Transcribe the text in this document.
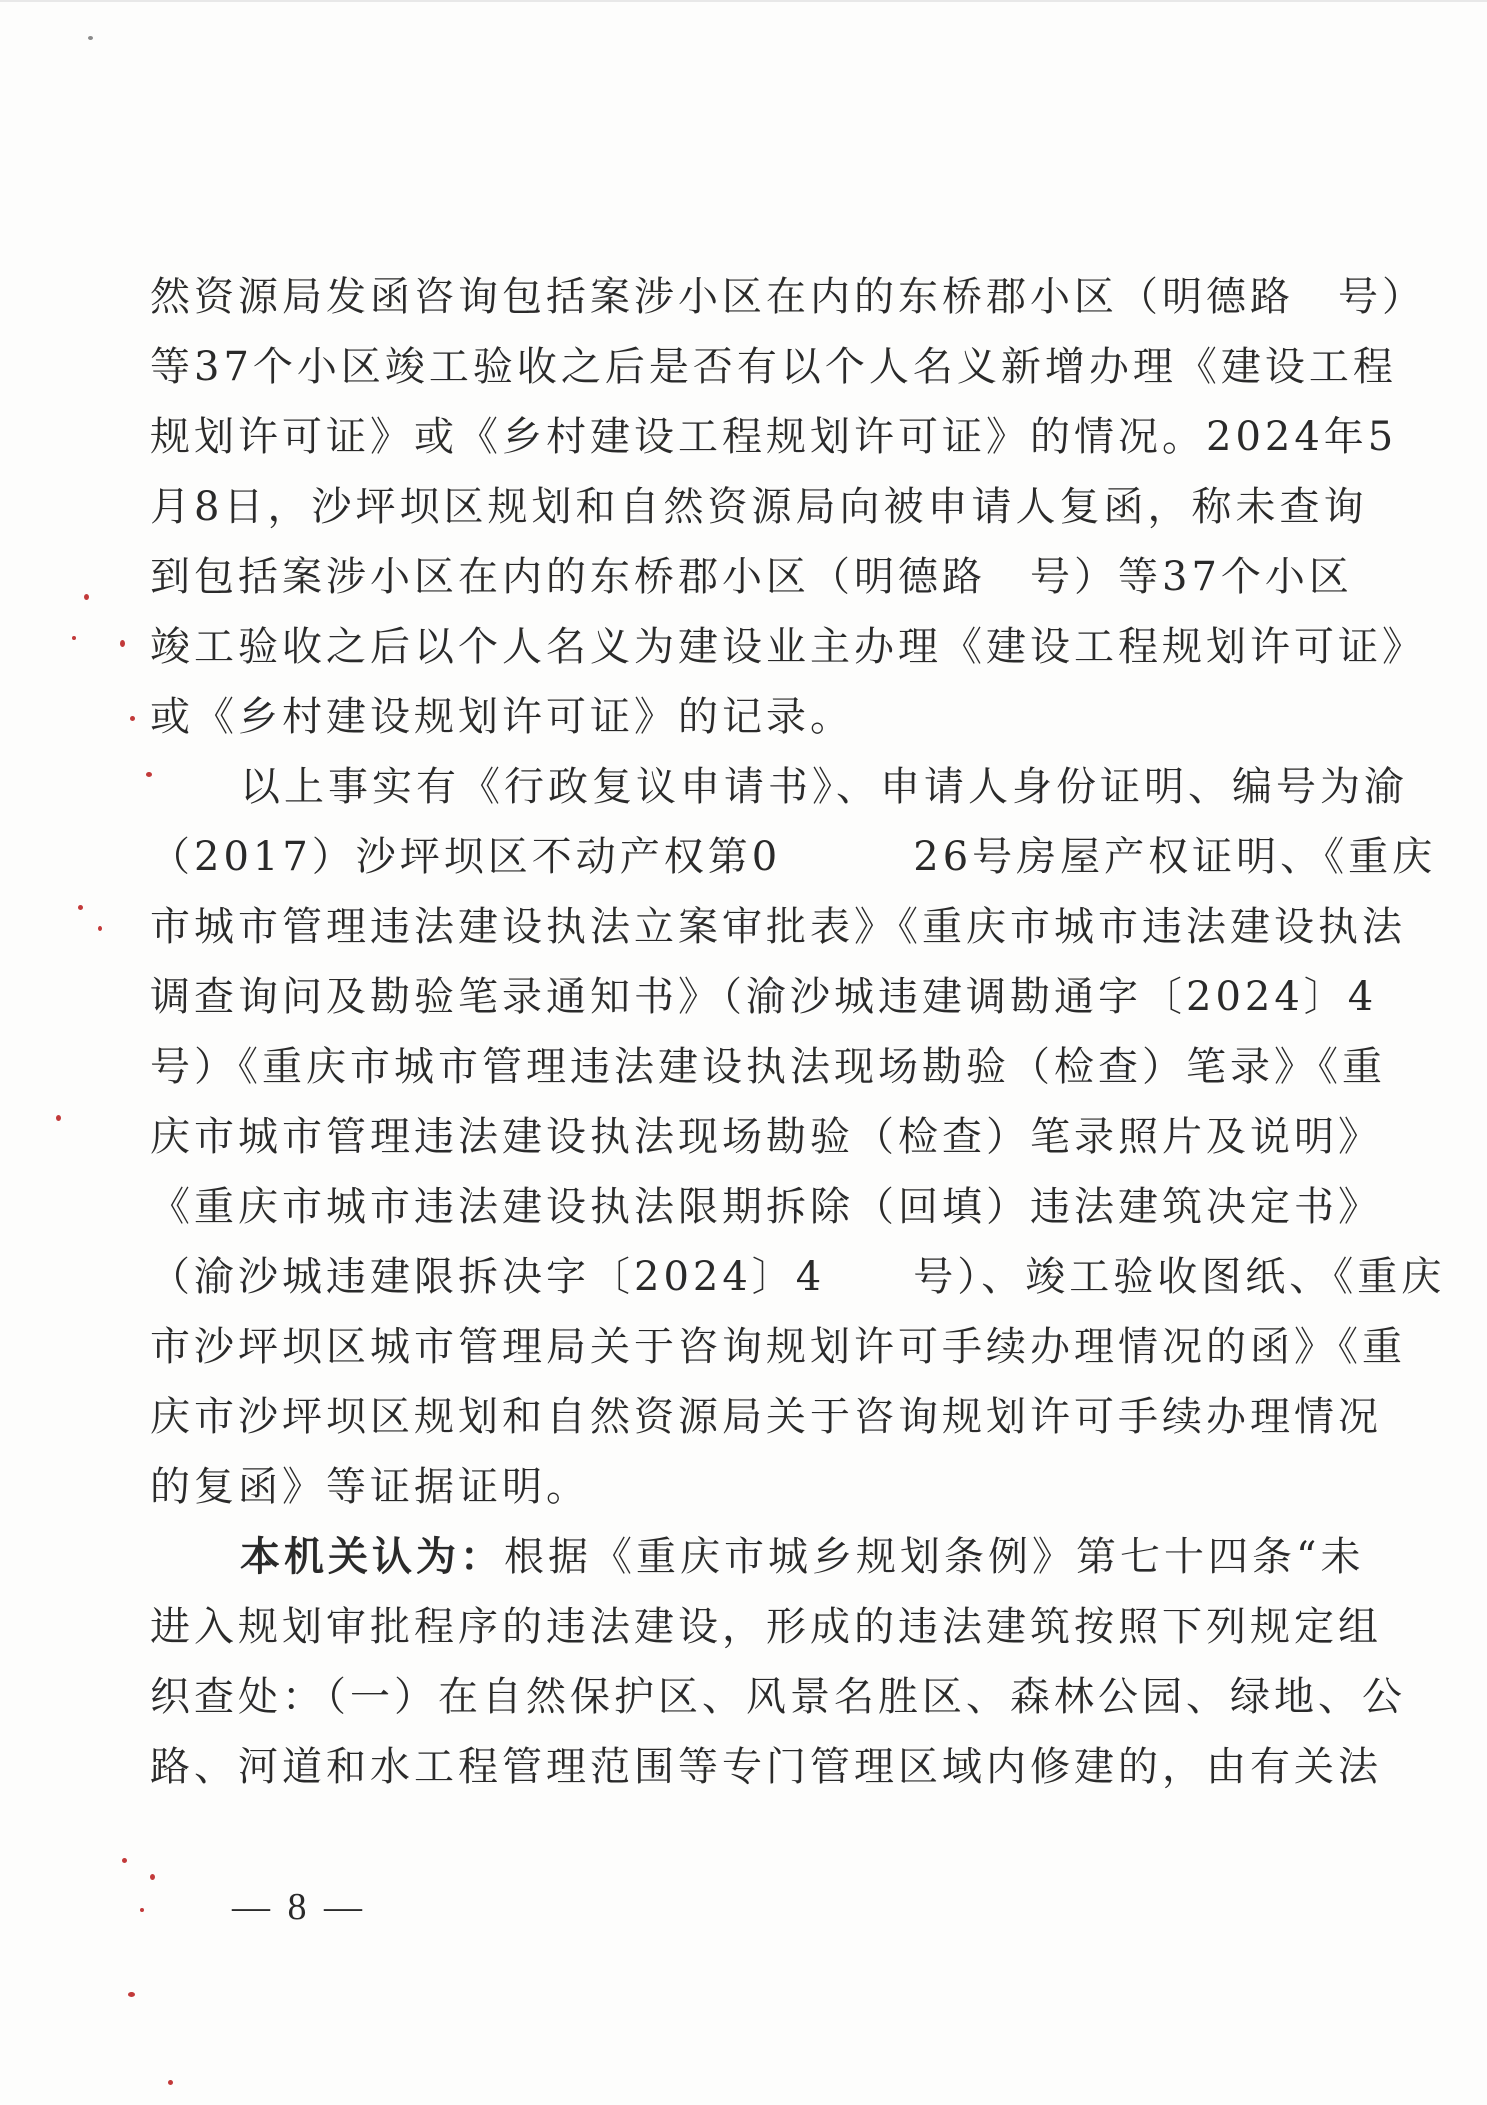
然资源局发函咨询包括案涉小区在内的东桥郡小区（明德路　号）
等37个小区竣工验收之后是否有以个人名义新增办理《建设工程
规划许可证》或《乡村建设工程规划许可证》的情况。2024年5
月8日，沙坪坝区规划和自然资源局向被申请人复函，称未查询
到包括案涉小区在内的东桥郡小区（明德路　号）等37个小区
竣工验收之后以个人名义为建设业主办理《建设工程规划许可证》
或《乡村建设规划许可证》的记录。
以上事实有《行政复议申请书》、申请人身份证明、编号为渝
（2017）沙坪坝区不动产权第0　　　26号房屋产权证明、《重庆
市城市管理违法建设执法立案审批表》《重庆市城市违法建设执法
调查询问及勘验笔录通知书》（渝沙城违建调勘通字〔2024〕4
号）《重庆市城市管理违法建设执法现场勘验（检查）笔录》《重
庆市城市管理违法建设执法现场勘验（检查）笔录照片及说明》
《重庆市城市违法建设执法限期拆除（回填）违法建筑决定书》
（渝沙城违建限拆决字〔2024〕4　　号）、竣工验收图纸、《重庆
市沙坪坝区城市管理局关于咨询规划许可手续办理情况的函》《重
庆市沙坪坝区规划和自然资源局关于咨询规划许可手续办理情况
的复函》等证据证明。
本机关认为：根据《重庆市城乡规划条例》第七十四条“未
进入规划审批程序的违法建设，形成的违法建筑按照下列规定组
织查处：（一）在自然保护区、风景名胜区、森林公园、绿地、公
路、河道和水工程管理范围等专门管理区域内修建的，由有关法
— 8 —
